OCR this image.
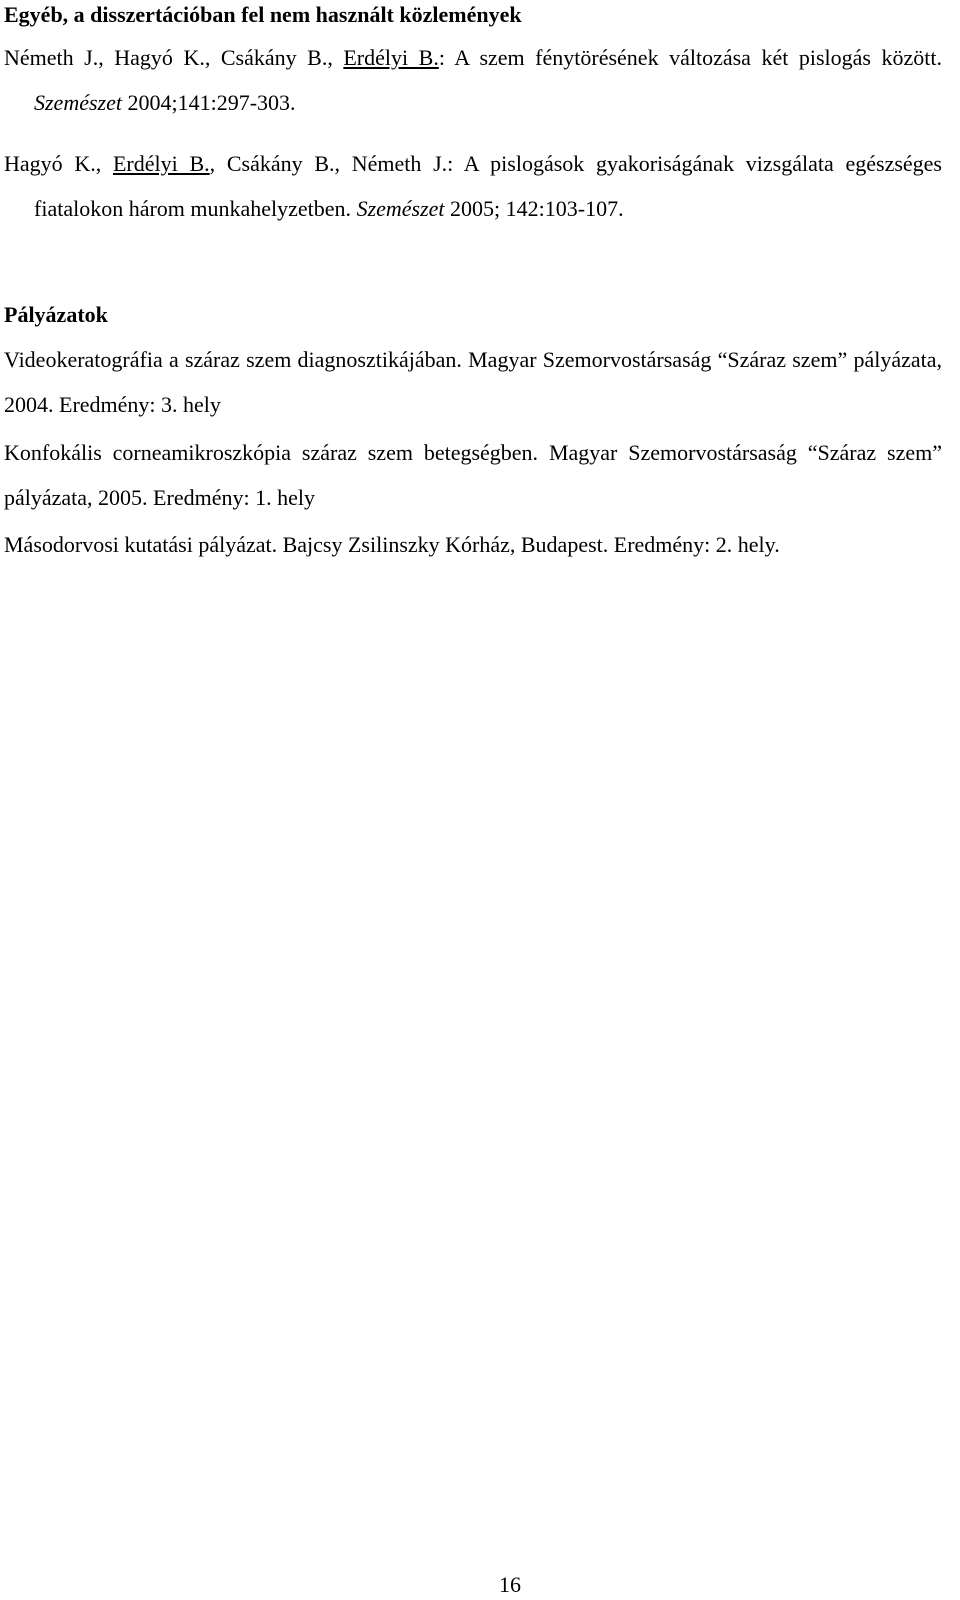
Egyéb, a disszertációban fel nem használt közlemények

Németh J., Hagyó K., Csákány B., Erdélyi B.: A szem fénytörésének változása két pislogás között. Szemészet 2004;141:297-303.

Hagyó K., Erdélyi B., Csákány B., Németh J.: A pislogások gyakoriságának vizsgálata egészséges fiatalokon három munkahelyzetben. Szemészet 2005; 142:103-107.

Pályázatok

Videokeratográfia a száraz szem diagnosztikájában. Magyar Szemorvostársaság “Száraz szem” pályázata, 2004. Eredmény: 3. hely

Konfokális corneamikroszkópia száraz szem betegségben. Magyar Szemorvostársaság “Száraz szem” pályázata, 2005. Eredmény: 1. hely

Másodorvosi kutatási pályázat. Bajcsy Zsilinszky Kórház, Budapest. Eredmény: 2. hely.

16
